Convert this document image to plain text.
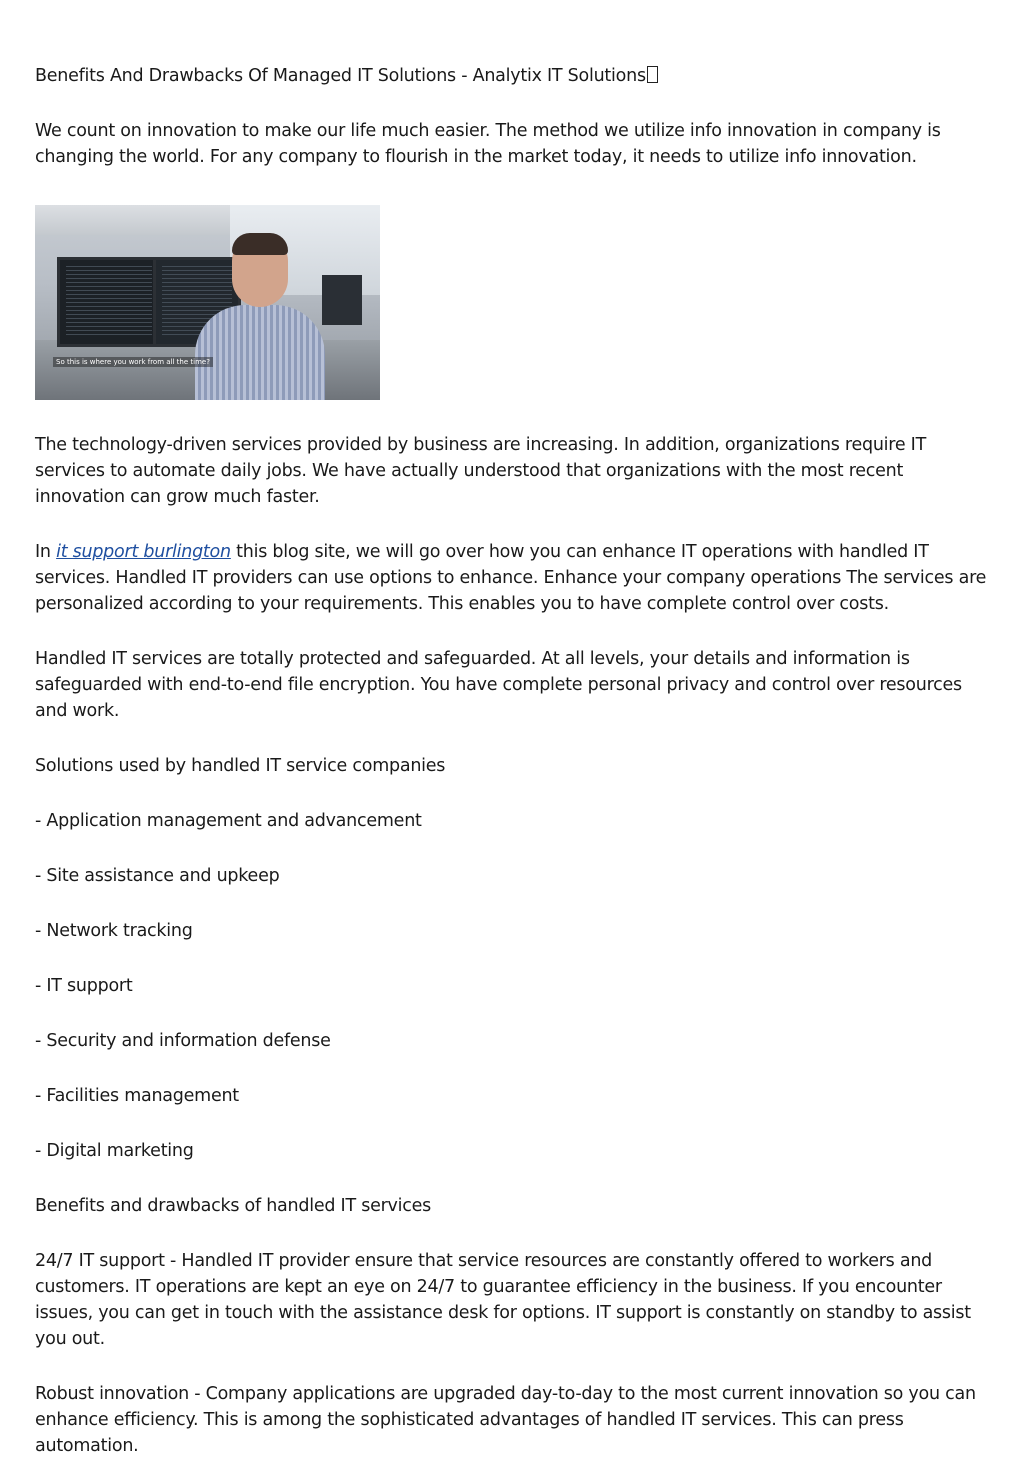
Benefits And Drawbacks Of Managed IT Solutions - Analytix IT Solutions

We count on innovation to make our life much easier. The method we utilize info innovation in company is changing the world. For any company to flourish in the market today, it needs to utilize info innovation.

So this is where you work from all the time?

The technology-driven services provided by business are increasing. In addition, organizations require IT services to automate daily jobs. We have actually understood that organizations with the most recent innovation can grow much faster.

In it support burlington this blog site, we will go over how you can enhance IT operations with handled IT services. Handled IT providers can use options to enhance. Enhance your company operations The services are personalized according to your requirements. This enables you to have complete control over costs.

Handled IT services are totally protected and safeguarded. At all levels, your details and information is safeguarded with end-to-end file encryption. You have complete personal privacy and control over resources and work.

Solutions used by handled IT service companies

- Application management and advancement

- Site assistance and upkeep

- Network tracking

- IT support

- Security and information defense

- Facilities management

- Digital marketing

Benefits and drawbacks of handled IT services

24/7 IT support - Handled IT provider ensure that service resources are constantly offered to workers and customers. IT operations are kept an eye on 24/7 to guarantee efficiency in the business. If you encounter issues, you can get in touch with the assistance desk for options. IT support is constantly on standby to assist you out.

Robust innovation - Company applications are upgraded day-to-day to the most current innovation so you can enhance efficiency. This is among the sophisticated advantages of handled IT services. This can press automation.
